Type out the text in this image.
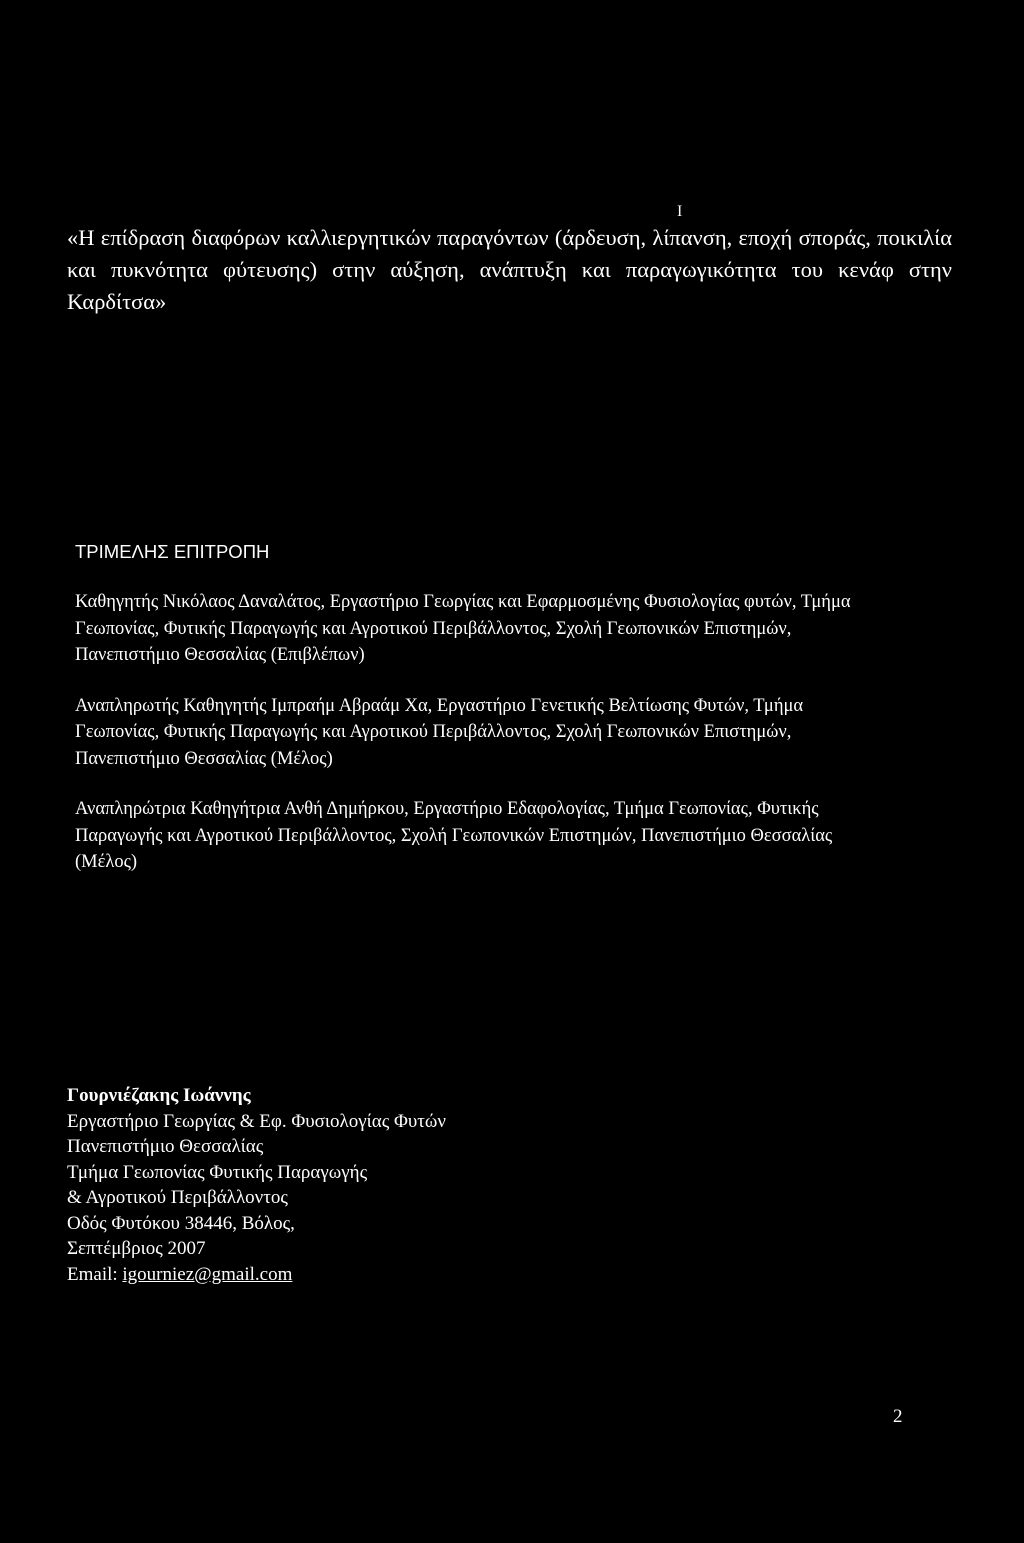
I

«Η επίδραση διαφόρων καλλιεργητικών παραγόντων (άρδευση, λίπανση, εποχή σποράς, ποικιλία και πυκνότητα φύτευσης) στην αύξηση, ανάπτυξη και παραγωγικότητα του κενάφ στην Καρδίτσα»

ΤΡΙΜΕΛΗΣ ΕΠΙΤΡΟΠΗ

Καθηγητής Νικόλαος Δαναλάτος, Εργαστήριο Γεωργίας και Εφαρμοσμένης Φυσιολογίας φυτών, Τμήμα Γεωπονίας, Φυτικής Παραγωγής και Αγροτικού Περιβάλλοντος, Σχολή Γεωπονικών Επιστημών, Πανεπιστήμιο Θεσσαλίας (Επιβλέπων)

Αναπληρωτής Καθηγητής Ιμπραήμ Αβραάμ Χα, Εργαστήριο Γενετικής Βελτίωσης Φυτών, Τμήμα Γεωπονίας, Φυτικής Παραγωγής και Αγροτικού Περιβάλλοντος, Σχολή Γεωπονικών Επιστημών, Πανεπιστήμιο Θεσσαλίας (Μέλος)

Αναπληρώτρια Καθηγήτρια Ανθή Δημήρκου, Εργαστήριο Εδαφολογίας, Τμήμα Γεωπονίας, Φυτικής Παραγωγής και Αγροτικού Περιβάλλοντος, Σχολή Γεωπονικών Επιστημών, Πανεπιστήμιο Θεσσαλίας (Μέλος)

Γουρνιέζακης Ιωάννης
Εργαστήριο Γεωργίας & Εφ. Φυσιολογίας Φυτών
Πανεπιστήμιο Θεσσαλίας
Τμήμα Γεωπονίας Φυτικής Παραγωγής
& Αγροτικού Περιβάλλοντος
Οδός Φυτόκου 38446, Βόλος,
Σεπτέμβριος 2007
Email: igourniez@gmail.com
2
